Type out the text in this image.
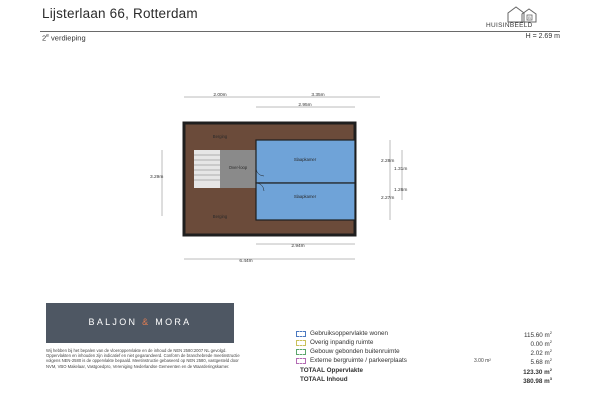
Lijsterlaan 66, Rotterdam
2e verdieping	H = 2.69 m
B
HUISINBEELD
2.00m	3.35m
2.95m
Over-loop
Slaapkamer
Slaapkamer
Berging
Berging
3.29m
2.28m
2.27m
1.31m
1.26m
2.94m
6.44m
BALJON & MORA
Wij hebben bij het bepalen van de vloeroppervlakte en de inhoud de NEN 2580:2007 NL gevolgd. Oppervlakten en inhouden zijn indicatief en niet gegarandeerd. Conform de branchebrede meetinstructie volgens NEN-2580 is de oppervlakte bepaald. Meetinstructie gebaseerd op NEN 2580, vastgesteld door NVM, VBO Makelaar, Vastgoedpro, Vereniging Nederlandse Gemeenten en de Waarderingskamer.
Gebruiksoppervlakte wonen	115.60 $m^2$
Overig inpandig ruimte	0.00 $m^2$
Gebouw gebonden buitenruimte	2.02 $m^2$
Externe bergruimte / parkeerplaats	3.00 m²	5.68 $m^2$
TOTAAL Oppervlakte	123.30 $m^2$
TOTAAL Inhoud	380.98 $m^3$
